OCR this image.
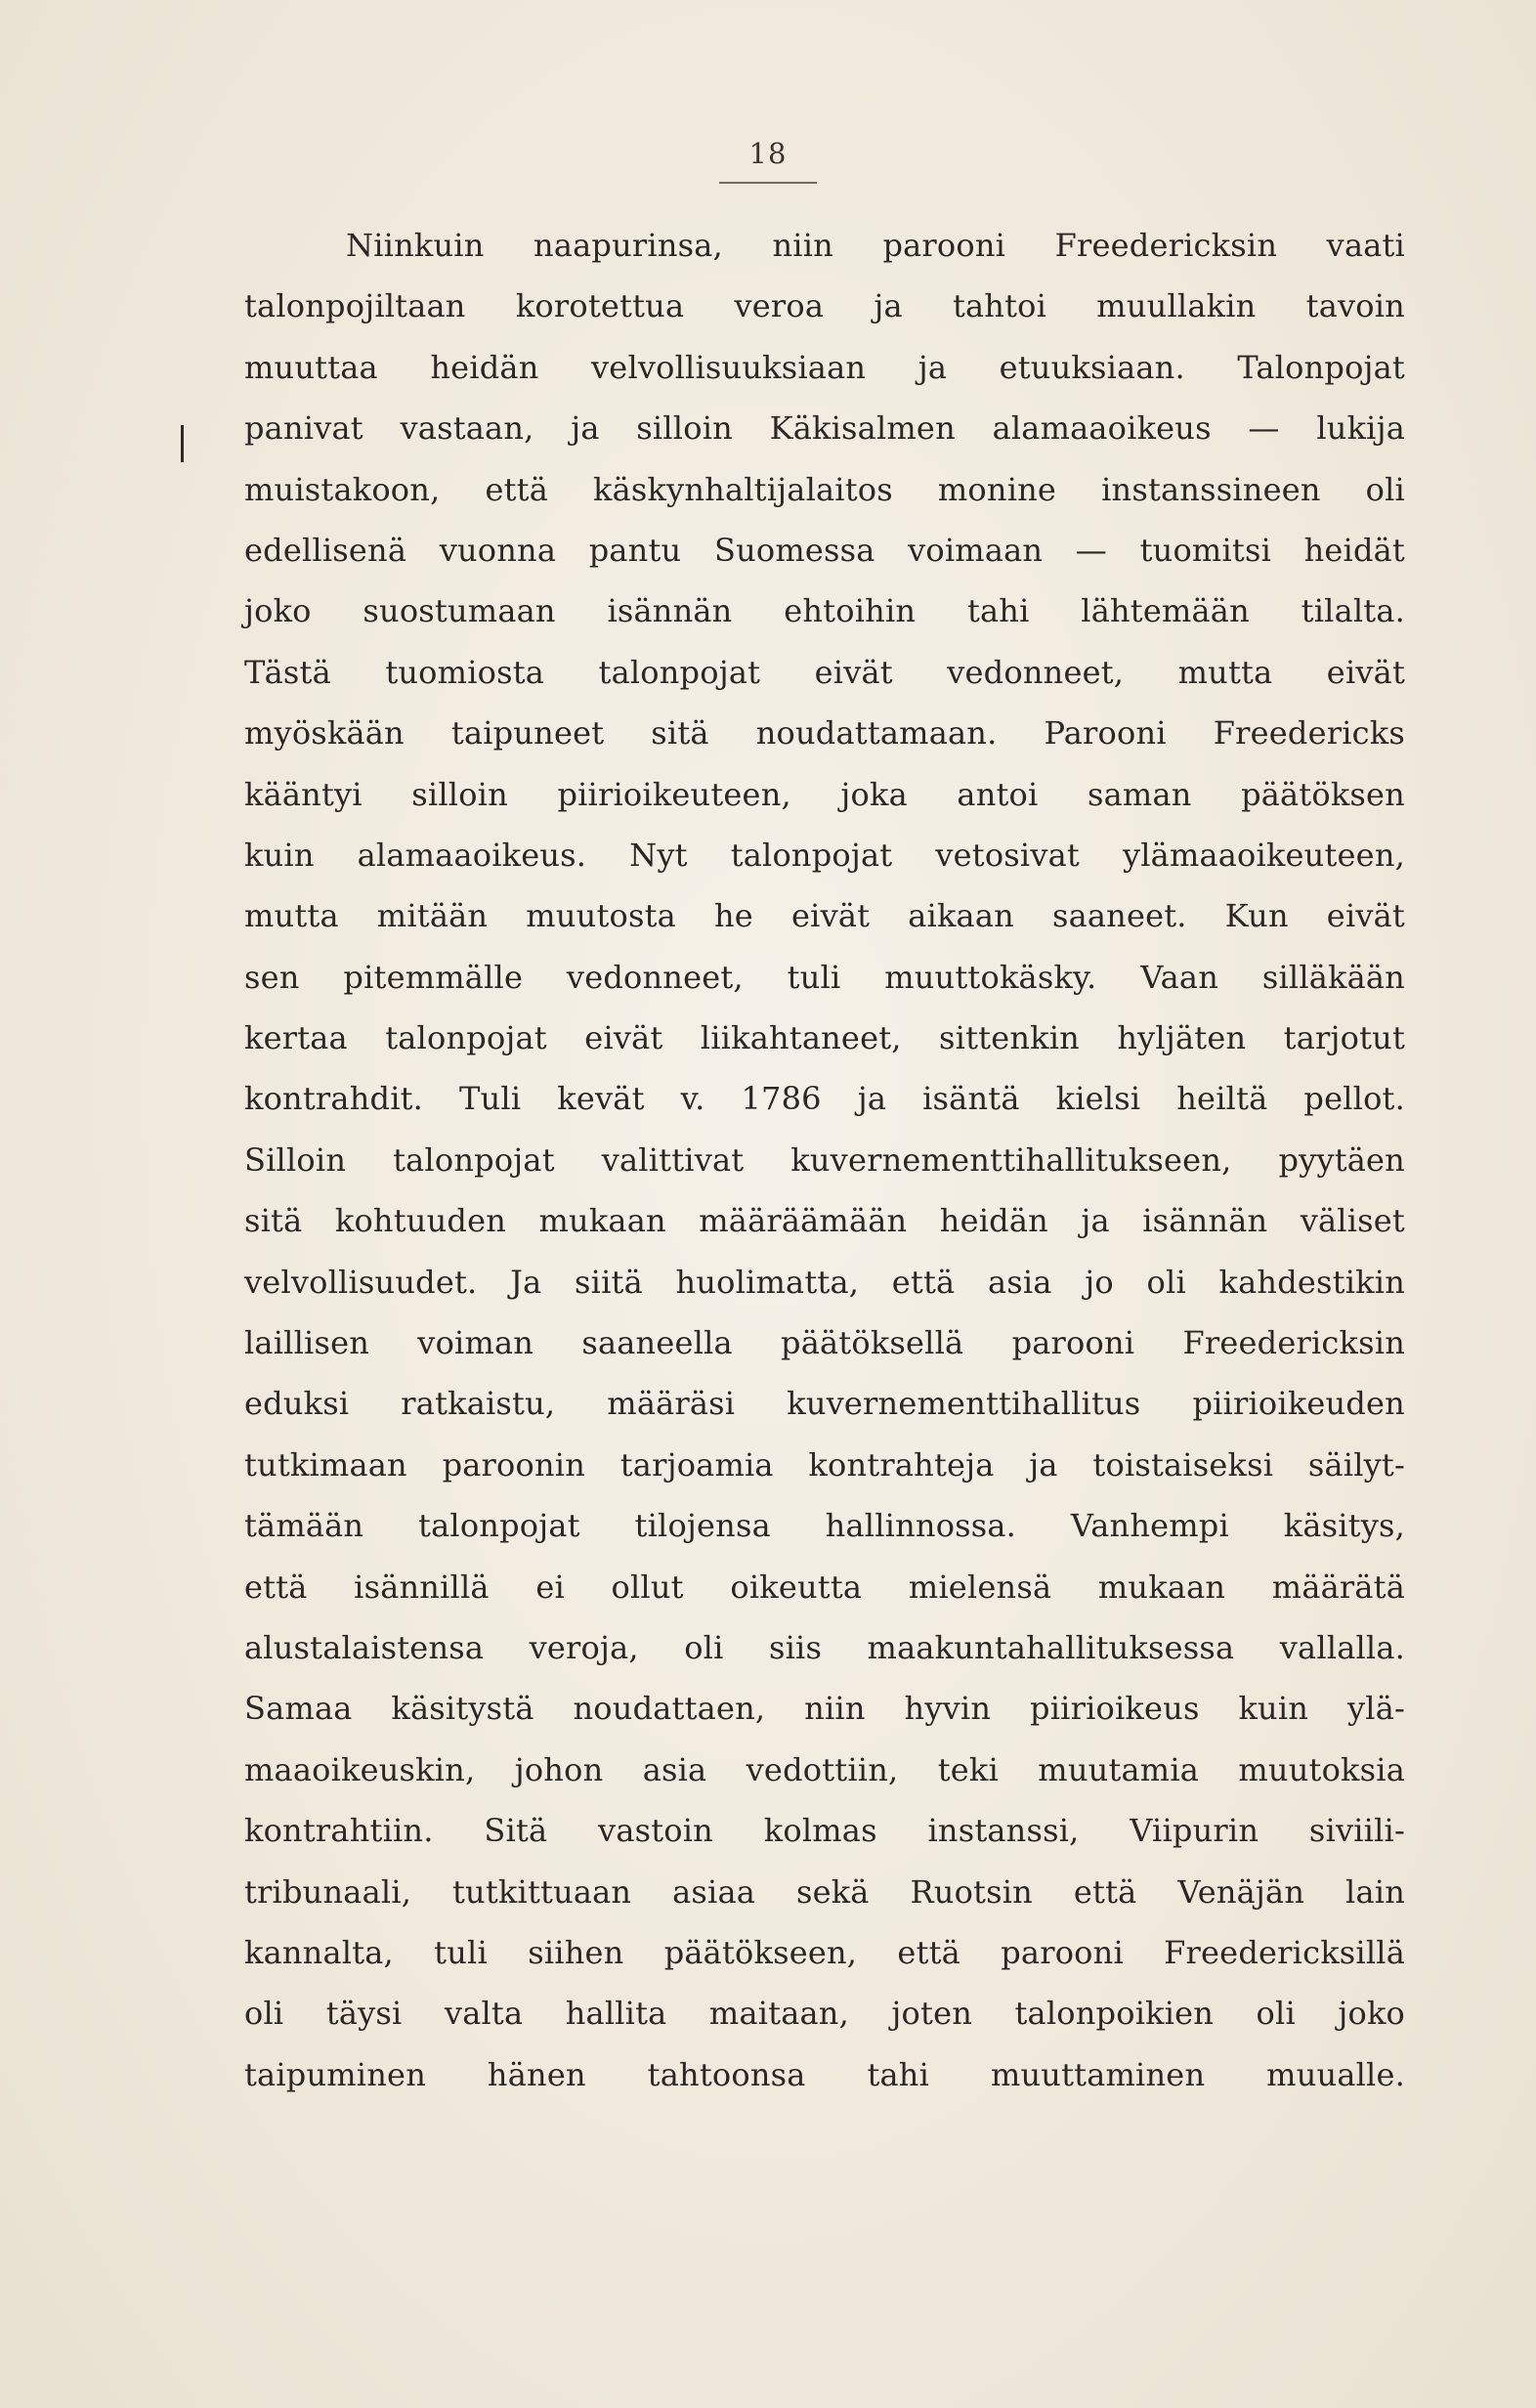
18
Niinkuin naapurinsa, niin parooni Freedericksin vaati
talonpojiltaan korotettua veroa ja tahtoi muullakin tavoin
muuttaa heidän velvollisuuksiaan ja etuuksiaan. Talonpojat
panivat vastaan, ja silloin Käkisalmen alamaaoikeus — lukija
muistakoon, että käskynhaltijalaitos monine instanssineen oli
edellisenä vuonna pantu Suomessa voimaan — tuomitsi heidät
joko suostumaan isännän ehtoihin tahi lähtemään tilalta.
Tästä tuomiosta talonpojat eivät vedonneet, mutta eivät
myöskään taipuneet sitä noudattamaan. Parooni Freedericks
kääntyi silloin piirioikeuteen, joka antoi saman päätöksen
kuin alamaaoikeus. Nyt talonpojat vetosivat ylämaaoikeuteen,
mutta mitään muutosta he eivät aikaan saaneet. Kun eivät
sen pitemmälle vedonneet, tuli muuttokäsky. Vaan silläkään
kertaa talonpojat eivät liikahtaneet, sittenkin hyljäten tarjotut
kontrahdit. Tuli kevät v. 1786 ja isäntä kielsi heiltä pellot.
Silloin talonpojat valittivat kuvernementtihallitukseen, pyytäen
sitä kohtuuden mukaan määräämään heidän ja isännän väliset
velvollisuudet. Ja siitä huolimatta, että asia jo oli kahdestikin
laillisen voiman saaneella päätöksellä parooni Freedericksin
eduksi ratkaistu, määräsi kuvernementtihallitus piirioikeuden
tutkimaan paroonin tarjoamia kontrahteja ja toistaiseksi säilyt-
tämään talonpojat tilojensa hallinnossa. Vanhempi käsitys,
että isännillä ei ollut oikeutta mielensä mukaan määrätä
alustalaistensa veroja, oli siis maakuntahallituksessa vallalla.
Samaa käsitystä noudattaen, niin hyvin piirioikeus kuin ylä-
maaoikeuskin, johon asia vedottiin, teki muutamia muutoksia
kontrahtiin. Sitä vastoin kolmas instanssi, Viipurin siviili-
tribunaali, tutkittuaan asiaa sekä Ruotsin että Venäjän lain
kannalta, tuli siihen päätökseen, että parooni Freedericksillä
oli täysi valta hallita maitaan, joten talonpoikien oli joko
taipuminen hänen tahtoonsa tahi muuttaminen muualle.
